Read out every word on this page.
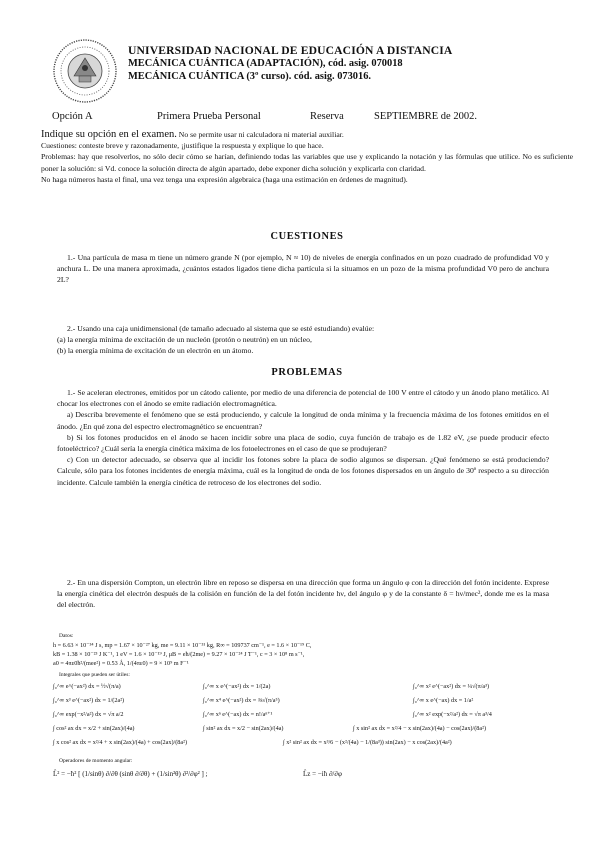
UNIVERSIDAD NACIONAL DE EDUCACIÓN A DISTANCIA
MECÁNICA CUÁNTICA (ADAPTACIÓN), cód. asig. 070018
MECÁNICA CUÁNTICA (3º curso). cód. asig. 073016.
Opción A	Primera Prueba Personal	Reserva	SEPTIEMBRE de 2002.

Indique su opción en el examen. No se permite usar ni calculadora ni material auxiliar.

Cuestiones: conteste breve y razonadamente, ¡justifique la respuesta y explique lo que hace.

Problemas: hay que resolverlos, no sólo decir cómo se harían, definiendo todas las variables que use y explicando la notación y las fórmulas que utilice. No es suficiente poner la solución: si Vd. conoce la solución directa de algún apartado, debe exponer dicha solución y explicarla con claridad.

No haga números hasta el final, una vez tenga una expresión algebraica (haga una estimación en órdenes de magnitud).

CUESTIONES

1.- Una partícula de masa m tiene un número grande N (por ejemplo, N ≈ 10) de niveles de energía confinados en un pozo cuadrado de profundidad V0 y anchura L. De una manera aproximada, ¿cuántos estados ligados tiene dicha partícula si la situamos en un pozo de la misma profundidad V0 pero de anchura 2L?

2.- Usando una caja unidimensional (de tamaño adecuado al sistema que se esté estudiando) evalúe:

(a) la energía mínima de excitación de un nucleón (protón o neutrón) en un núcleo,

(b) la energía mínima de excitación de un electrón en un átomo.

PROBLEMAS

1.- Se aceleran electrones, emitidos por un cátodo caliente, por medio de una diferencia de potencial de 100 V entre el cátodo y un ánodo plano metálico. Al chocar los electrones con el ánodo se emite radiación electromagnética.

a) Describa brevemente el fenómeno que se está produciendo, y calcule la longitud de onda mínima y la frecuencia máxima de los fotones emitidos en el ánodo. ¿En qué zona del espectro electromagnético se encuentran?

b) Si los fotones producidos en el ánodo se hacen incidir sobre una placa de sodio, cuya función de trabajo es de 1.82 eV, ¿se puede producir efecto fotoeléctrico? ¿Cuál sería la energía cinética máxima de los fotoelectrones en el caso de que se produjeran?

c) Con un detector adecuado, se observa que al incidir los fotones sobre la placa de sodio algunos se dispersan. ¿Qué fenómeno se está produciendo? Calcule, sólo para los fotones incidentes de energía máxima, cuál es la longitud de onda de los fotones dispersados en un ángulo de 30º respecto a su dirección incidente. Calcule también la energía cinética de retroceso de los electrones del sodio.

2.- En una dispersión Compton, un electrón libre en reposo se dispersa en una dirección que forma un ángulo φ con la dirección del fotón incidente. Exprese la energía cinética del electrón después de la colisión en función de la del fotón incidente hν, del ángulo φ y de la constante δ = hν/mec², donde me es la masa del electrón.

Datos:

h = 6.63 × 10⁻³⁴ J s, mp = 1.67 × 10⁻²⁷ kg, me = 9.11 × 10⁻³¹ kg, R∞ = 109737 cm⁻¹, e = 1.6 × 10⁻¹⁹ C,

kB = 1.38 × 10⁻²³ J K⁻¹, 1 eV = 1.6 × 10⁻¹⁹ J, μB = eħ/(2me) = 9.27 × 10⁻²⁴ J T⁻¹, c = 3 × 10⁸ m s⁻¹,

a0 = 4πε0ħ²/(mee²) = 0.53 Å, 1/(4πε0) = 9 × 10⁹ m F⁻¹

Integrales que pueden ser útiles:
∫₀^∞ e^(−ax²) dx = ½√(π/a)	∫₀^∞ x e^(−ax²) dx = 1/(2a)	∫₀^∞ x² e^(−ax²) dx = ¼√(π/a³)
∫₀^∞ x³ e^(−ax²) dx = 1/(2a²)	∫₀^∞ x⁴ e^(−ax²) dx = ⅜√(π/a⁵)	∫₀^∞ x e^(−ax) dx = 1/a²
∫₀^∞ exp(−x²/a²) dx = √π a/2	∫₀^∞ xⁿ e^(−ax) dx = n!/aⁿ⁺¹	∫₀^∞ x² exp(−x²/a²) dx = √π a³/4
∫ cos² ax dx = x/2 + sin(2ax)/(4a)	∫ sin² ax dx = x/2 − sin(2ax)/(4a)	∫ x sin² ax dx = x²/4 − x sin(2ax)/(4a) − cos(2ax)/(8a²)
∫ x cos² ax dx = x²/4 + x sin(2ax)/(4a) + cos(2ax)/(8a²)	∫ x² sin² ax dx = x³/6 − (x²/(4a) − 1/(8a³)) sin(2ax) − x cos(2ax)/(4a²)
Operadores de momento angular:
L̂² = −ħ² [ (1/sinθ) ∂/∂θ (sinθ ∂/∂θ) + (1/sin²θ) ∂²/∂φ² ] ;	L̂z = −iħ ∂/∂φ
